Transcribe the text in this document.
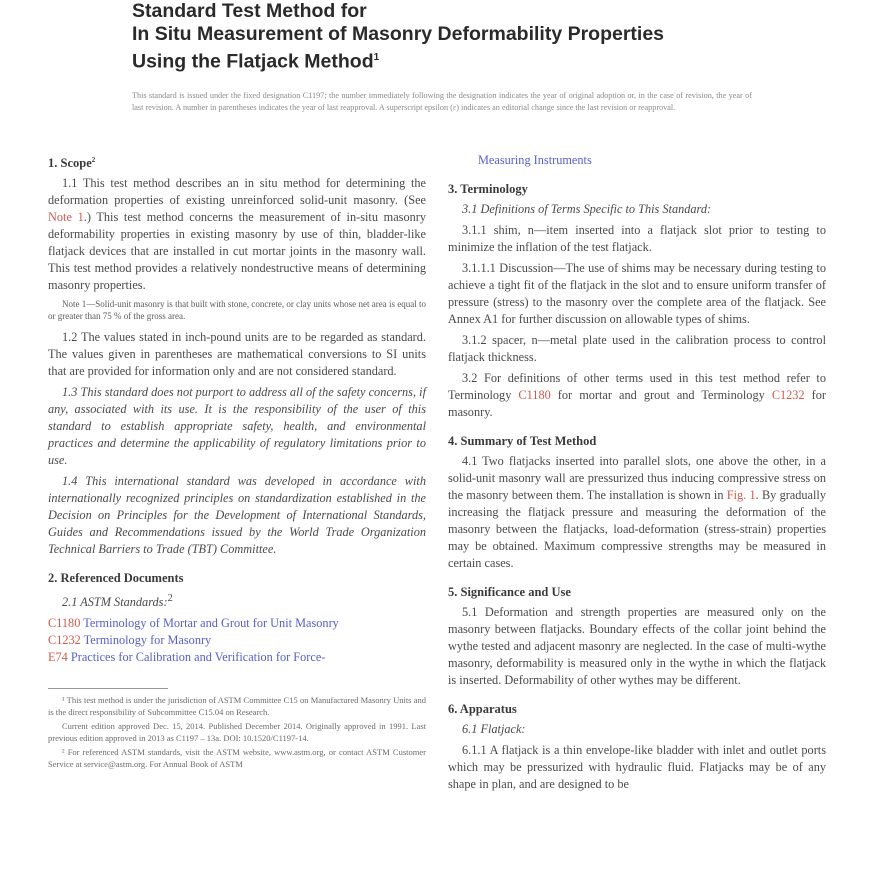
Standard Test Method for
In Situ Measurement of Masonry Deformability Properties
Using the Flatjack Method$^1$
This standard is issued under the fixed designation C1197; the number immediately following the designation indicates the year of original adoption or, in the case of revision, the year of last revision. A number in parentheses indicates the year of last reapproval. A superscript epsilon (ε) indicates an editorial change since the last revision or reapproval.
1. Scope$^2$

1.1 This test method describes an in situ method for determining the deformation properties of existing unreinforced solid-unit masonry. (See Note 1.) This test method concerns the measurement of in-situ masonry deformability properties in existing masonry by use of thin, bladder-like flatjack devices that are installed in cut mortar joints in the masonry wall. This test method provides a relatively nondestructive means of determining masonry properties.

Note 1—Solid-unit masonry is that built with stone, concrete, or clay units whose net area is equal to or greater than 75 % of the gross area.

1.2 The values stated in inch-pound units are to be regarded as standard. The values given in parentheses are mathematical conversions to SI units that are provided for information only and are not considered standard.

1.3 This standard does not purport to address all of the safety concerns, if any, associated with its use. It is the responsibility of the user of this standard to establish appropriate safety, health, and environmental practices and determine the applicability of regulatory limitations prior to use.

1.4 This international standard was developed in accordance with internationally recognized principles on standardization established in the Decision on Principles for the Development of International Standards, Guides and Recommendations issued by the World Trade Organization Technical Barriers to Trade (TBT) Committee.

2. Referenced Documents

2.1 ASTM Standards:$^2$

C1180 Terminology of Mortar and Grout for Unit Masonry
C1232 Terminology for Masonry
E74 Practices for Calibration and Verification for Force-

¹ This test method is under the jurisdiction of ASTM Committee C15 on Manufactured Masonry Units and is the direct responsibility of Subcommittee C15.04 on Research.

Current edition approved Dec. 15, 2014. Published December 2014. Originally approved in 1991. Last previous edition approved in 2013 as C1197 – 13a. DOI: 10.1520/C1197-14.

² For referenced ASTM standards, visit the ASTM website, www.astm.org, or contact ASTM Customer Service at service@astm.org. For Annual Book of ASTM

Measuring Instruments

3. Terminology

3.1 Definitions of Terms Specific to This Standard:

3.1.1 shim, n—item inserted into a flatjack slot prior to testing to minimize the inflation of the test flatjack.

3.1.1.1 Discussion—The use of shims may be necessary during testing to achieve a tight fit of the flatjack in the slot and to ensure uniform transfer of pressure (stress) to the masonry over the complete area of the flatjack. See Annex A1 for further discussion on allowable types of shims.

3.1.2 spacer, n—metal plate used in the calibration process to control flatjack thickness.

3.2 For definitions of other terms used in this test method refer to Terminology C1180 for mortar and grout and Terminology C1232 for masonry.

4. Summary of Test Method

4.1 Two flatjacks inserted into parallel slots, one above the other, in a solid-unit masonry wall are pressurized thus inducing compressive stress on the masonry between them. The installation is shown in Fig. 1. By gradually increasing the flatjack pressure and measuring the deformation of the masonry between the flatjacks, load-deformation (stress-strain) properties may be obtained. Maximum compressive strengths may be measured in certain cases.

5. Significance and Use

5.1 Deformation and strength properties are measured only on the masonry between flatjacks. Boundary effects of the collar joint behind the wythe tested and adjacent masonry are neglected. In the case of multi-wythe masonry, deformability is measured only in the wythe in which the flatjack is inserted. Deformability of other wythes may be different.

6. Apparatus

6.1 Flatjack:

6.1.1 A flatjack is a thin envelope-like bladder with inlet and outlet ports which may be pressurized with hydraulic fluid. Flatjacks may be of any shape in plan, and are designed to be
